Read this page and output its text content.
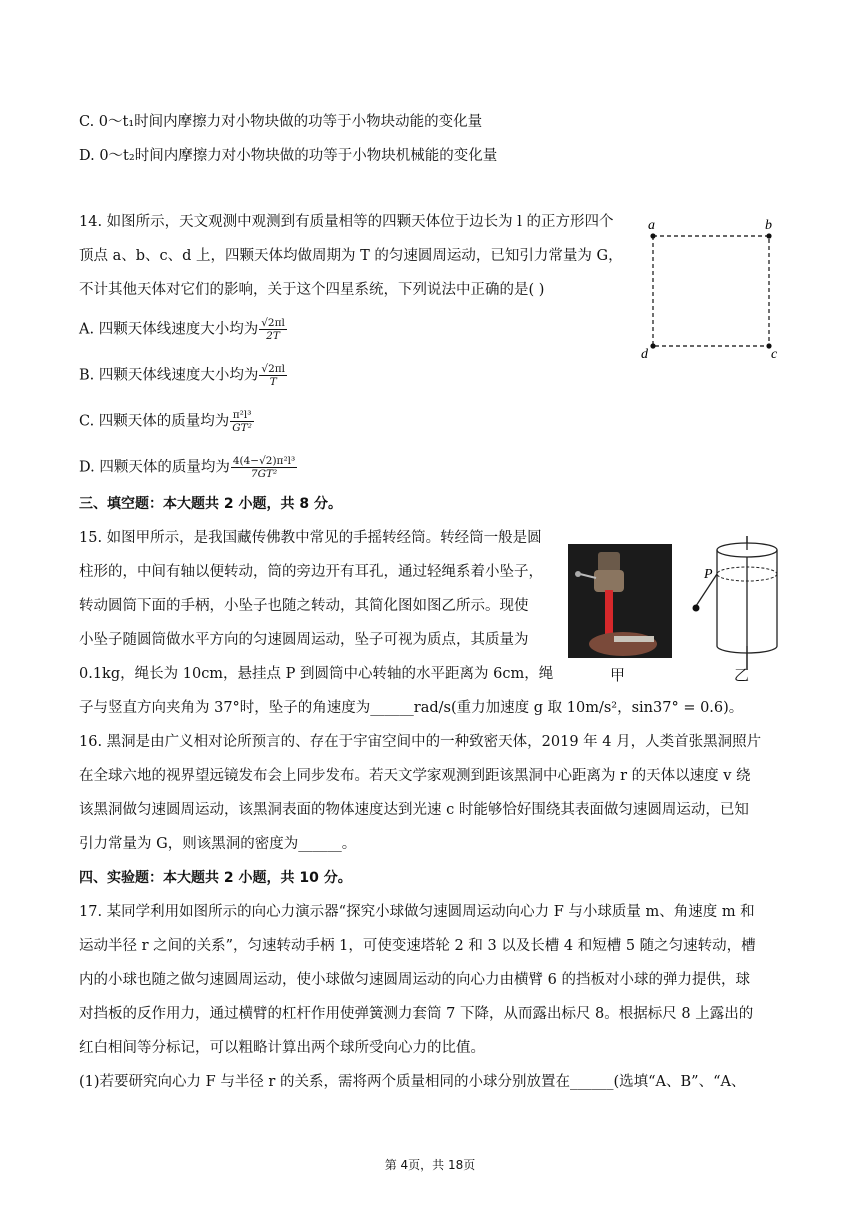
C. 0～t₁时间内摩擦力对小物块做的功等于小物块动能的变化量
D. 0～t₂时间内摩擦力对小物块做的功等于小物块机械能的变化量
14. 如图所示，天文观测中观测到有质量相等的四颗天体位于边长为 l 的正方形四个
顶点 a、b、c、d 上，四颗天体均做周期为 T 的匀速圆周运动，已知引力常量为 G，
不计其他天体对它们的影响，关于这个四星系统，下列说法中正确的是( )
A. 四颗天体线速度大小均为 $\frac{√2\pi l}{2T}$
B. 四颗天体线速度大小均为 $\frac{√2\pi l}{T}$
C. 四颗天体的质量均为 $\frac{\text{π²l³}}{\text{GT²}}$
D. 四颗天体的质量均为 $\frac{\text{4(4−√2)π²l³}}{\text{7GT²}}$
a	b
c
d
三、填空题：本大题共 2 小题，共 8 分。
15. 如图甲所示，是我国藏传佛教中常见的手摇转经筒。转经筒一般是圆
柱形的，中间有轴以便转动，筒的旁边开有耳孔，通过轻绳系着小坠子，
转动圆筒下面的手柄，小坠子也随之转动，其简化图如图乙所示。现使
小坠子随圆筒做水平方向的匀速圆周运动，坠子可视为质点，其质量为
0.1kg，绳长为 10cm，悬挂点 P 到圆筒中心转轴的水平距离为 6cm，绳
子与竖直方向夹角为 37°时，坠子的角速度为______rad/s(重力加速度 g 取 10m/s²，sin37° = 0.6)。
甲
P
乙
16. 黑洞是由广义相对论所预言的、存在于宇宙空间中的一种致密天体，2019 年 4 月，人类首张黑洞照片
在全球六地的视界望远镜发布会上同步发布。若天文学家观测到距该黑洞中心距离为 r 的天体以速度 v 绕
该黑洞做匀速圆周运动，该黑洞表面的物体速度达到光速 c 时能够恰好围绕其表面做匀速圆周运动，已知
引力常量为 G，则该黑洞的密度为______。
四、实验题：本大题共 2 小题，共 10 分。
17. 某同学利用如图所示的向心力演示器“探究小球做匀速圆周运动向心力 F 与小球质量 m、角速度 m 和
运动半径 r 之间的关系”，匀速转动手柄 1，可使变速塔轮 2 和 3 以及长槽 4 和短槽 5 随之匀速转动，槽
内的小球也随之做匀速圆周运动，使小球做匀速圆周运动的向心力由横臂 6 的挡板对小球的弹力提供，球
对挡板的反作用力，通过横臂的杠杆作用使弹簧测力套筒 7 下降，从而露出标尺 8。根据标尺 8 上露出的
红白相间等分标记，可以粗略计算出两个球所受向心力的比值。
(1)若要研究向心力 F 与半径 r 的关系，需将两个质量相同的小球分别放置在______(选填“A、B”、“A、
第 4页，共 18页
